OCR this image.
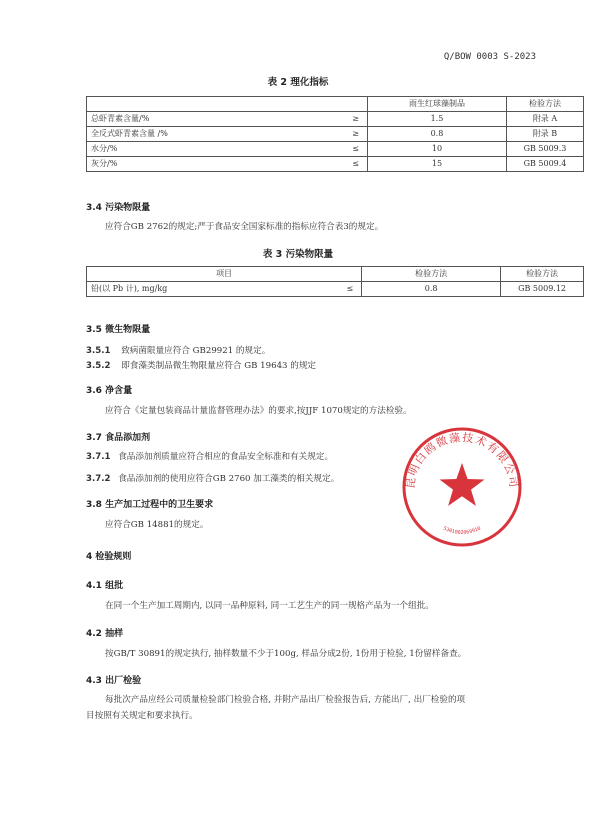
Q/BOW 0003 S-2023
表 2 理化指标
		雨生红球藻制品	检验方法
总虾青素含量/%	≥	1.5	附录 A
全反式虾青素含量 /%	≥	0.8	附录 B
水分/%	≤	10	GB 5009.3
灰分/%	≤	15	GB 5009.4
3.4 污染物限量
应符合GB 2762的规定;严于食品安全国家标准的指标应符合表3的规定。
表 3 污染物限量
项目		检验方法	检验方法
铅(以 Pb 计), mg/kg	≤	0.8	GB 5009.12
3.5 微生物限量
3.5.1 致病菌限量应符合 GB29921 的规定。
3.5.2 即食藻类制品微生物限量应符合 GB 19643 的规定
3.6 净含量
应符合《定量包装商品计量监督管理办法》的要求,按JJF 1070规定的方法检验。
3.7 食品添加剂
3.7.1 食品添加剂质量应符合相应的食品安全标准和有关规定。
3.7.2 食品添加剂的使用应符合GB 2760 加工藻类的相关规定。
3.8 生产加工过程中的卫生要求
应符合GB 14881的规定。
4 检验规则
4.1 组批
在同一个生产加工周期内, 以同一品种原料, 同一工艺生产的同一规格产品为一个组批。
4.2 抽样
按GB/T 30891的规定执行, 抽样数量不少于100g, 样品分成2份, 1份用于检验, 1份留样备查。
4.3 出厂检验
每批次产品应经公司质量检验部门检验合格, 并附产品出厂检验报告后, 方能出厂, 出厂检验的项
目按照有关规定和要求执行。
昆明白鸥微藻技术有限公司
5301002069910
